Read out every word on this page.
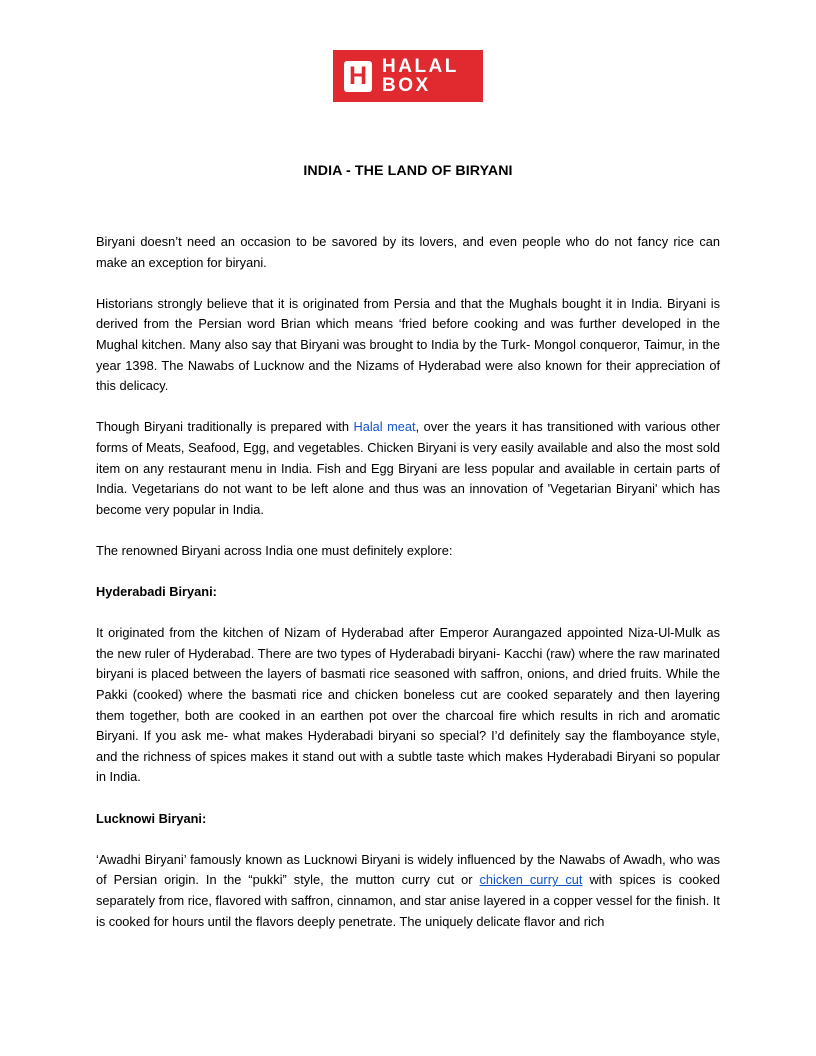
H HALAL
BOX
INDIA - THE LAND OF BIRYANI

Biryani doesn’t need an occasion to be savored by its lovers, and even people who do not fancy rice can make an exception for biryani.

Historians strongly believe that it is originated from Persia and that the Mughals bought it in India. Biryani is derived from the Persian word Brian which means ‘fried before cooking and was further developed in the Mughal kitchen. Many also say that Biryani was brought to India by the Turk- Mongol conqueror, Taimur, in the year 1398. The Nawabs of Lucknow and the Nizams of Hyderabad were also known for their appreciation of this delicacy.

Though Biryani traditionally is prepared with Halal meat, over the years it has transitioned with various other forms of Meats, Seafood, Egg, and vegetables. Chicken Biryani is very easily available and also the most sold item on any restaurant menu in India. Fish and Egg Biryani are less popular and available in certain parts of India. Vegetarians do not want to be left alone and thus was an innovation of 'Vegetarian Biryani' which has become very popular in India.

The renowned Biryani across India one must definitely explore:

Hyderabadi Biryani:

It originated from the kitchen of Nizam of Hyderabad after Emperor Aurangazed appointed Niza-Ul-Mulk as the new ruler of Hyderabad. There are two types of Hyderabadi biryani- Kacchi (raw) where the raw marinated biryani is placed between the layers of basmati rice seasoned with saffron, onions, and dried fruits. While the Pakki (cooked) where the basmati rice and chicken boneless cut are cooked separately and then layering them together, both are cooked in an earthen pot over the charcoal fire which results in rich and aromatic Biryani. If you ask me- what makes Hyderabadi biryani so special? I’d definitely say the flamboyance style, and the richness of spices makes it stand out with a subtle taste which makes Hyderabadi Biryani so popular in India.

Lucknowi Biryani:

‘Awadhi Biryani’ famously known as Lucknowi Biryani is widely influenced by the Nawabs of Awadh, who was of Persian origin. In the “pukki” style, the mutton curry cut or chicken curry cut with spices is cooked separately from rice, flavored with saffron, cinnamon, and star anise layered in a copper vessel for the finish. It is cooked for hours until the flavors deeply penetrate. The uniquely delicate flavor and rich
